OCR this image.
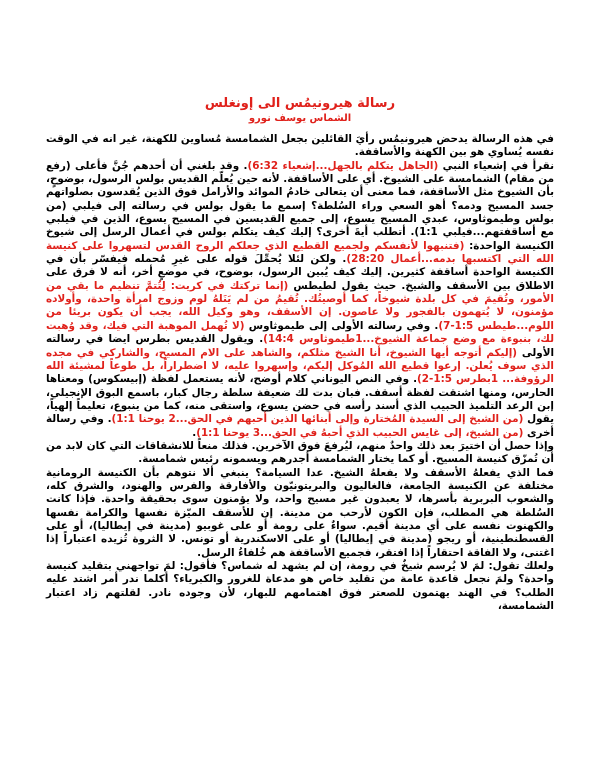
رسالة هيرونيمُس الى إونغلس
الشماس يوسف نورو

في هذه الرسالة يدحض هيرونيمُس رأيَ القائلين بجعل الشمامسة مُساوين للكهنة، غير انه في الوقت نفسه يُساوي هو بين الكهنة والأساقفة.

نقرأ في إشعياء النبي (الجاهل يتكلم بالجهل...إشعياء 6:32). وقد بلغني أن أحدهم جُنَّ فأعلى (رفع من مقام) الشمامسة على الشيوخ. أي على الأساقفة. لأنه حين يُعلّم القديس بولس الرسول، بوضوحٍ، بأن الشيوخ مثل الأساقفة، فما معنى أن يتعالى خادمُ الموائد والأرامل فوق الذين يُقدسون بصلواتهم جسد المسيح ودمه؟ أهو السعي وراء السُلطة؟ إسمع ما يقول بولس في رسالته إلى فيلبي (من بولس وطيموثاوس، عبدي المسيح يسوع، إلى جميع القديسين في المسيح يسوع، الذين في فيلبي مع أساقفتهم...فيلبي 1:1). أتطلب أيةَ أخرى؟ إليك كيف يتكلم بولس في أعمال الرسل إلى شيوخ الكنيسة الواحدة: (فتنبهوا لأنفسكم ولجميع القطيع الذي جعلكم الروح القدس لتسهروا على كنيسة الله التي اكتسبها بدمه...أعمال 28:20). ولكن لئلا يُحمِّلَ قوله على غيرِ مُحمله فيفسّر بأن في الكنيسة الواحدة أساقفة كثيرين. إليك كيف يُبين الرسول، بوضوح، في موضعٍ أخر، أنه لا فرق على الاطلاق بين الأسقف والشيخ. حيث يقول لطيطس (إنما تركتك في كريت: لِتُتمَّ تنظيم ما بقي من الأمور، وتُقيمَ في كل بلدة شيوخاً، كما أوصيتُك. تُقيمُ من لم يَنَلهُ لوم وزوج امرأة واحدة، وأولاده مؤمنون، لا يُتهمون بالفجور ولا عاصون. إن الأسقف، وهو وكيل الله، يجب أن يكون بريئا من اللوم...طيطس 1:5-7). وفي رسالته الأولى إلى طيموثاوس (لا تُهمل الموهبة التي فيك، وقد وُهبت لك، بنبوءة مع وضع جماعة الشيوخ...1طيموثاوس 14:4). ويقول القديس بطرس ايضا في رسالته الأولى (إليكم أتوجه أيها الشيوخ، أنا الشيخ مثلكم، والشاهد على الام المسيح، والشاركي في مجده الذي سوف يُعلن. إرعوا قطيع الله المُوكل إليكم، وإسهروا عليه، لا اضطراراً، بل طوعاً لمشيئة الله الرؤوفة... 1بطرس 1:5-2). وفي النص اليوناني كلام أوضح، لأنه يستعمل لفظة (إبيسكوس) ومعناها الحارس، ومنها اشتقت لفظة أسقف. فبان بدت لك ضعيفة سلطة رجال كبار، باسمع البوق الإنجيلي، إبن الرعد التلميذ الحبيب الذي أسند رأسه في حضن يسوع، واستقى منه، كما من ينبوع، تعليماً إلهياً، يقول (من الشيخ إلى السيدة المُختارة وإلى أبنائها الذين أحبهم في الحق...2 يوحنا 1:1). وفي رسالة أخرى (من الشيخ، إلى غايس الحبيب الذي أحبهُ في الحق...3 يوحنا 1:1).

وإذا حصل أن اختيرَ بعد ذلك واحدٌ منهم، ليُرفعَ فوق الآخرين. فذلك منعاً للانشقاقات التي كان لابد من أن تُمزّق كنيسة المسيح. أو كما يختار الشمامسة أجدرهم ويسمونه رئيس شمامسة.

فما الذي يفعلهُ الأسقف ولا يفعلهُ الشيخ. عدا السيامة؟ ينبغي ألا نتوهم بأن الكنيسة الرومانية مختلفة عن الكنيسة الجامعة، فالغاليون والبريتونيّون والأفارقة والفرس والهنود، والشرق كله، والشعوب البربرية بأسرها، لا يعبدون غير مسيح واحد، ولا يؤمنون سوى بحقيقة واحدة. فإذا كانت السُلطة هي المطلب، فإن الكون لأرحب من مدينة. إن للأسقف الميّزة نفسها والكرامة نفسها والكهنوت نفسه على أي مدينة أقيم. سواءٌ على رومة أو على غوبيو (مدينة في إيطاليا)، أو على القسطنطينية، أو ريجو (مدينة في إيطاليا) أو على الاسكندرية أو تونس. لا الثروة تُزيده اعتباراً إذا اغتنى، ولا الفاقة احتقاراً إذا افتقر، فجميع الأساقفة هم خُلفاءُ الرسل.

ولعلك تقول: لمَ لا يُرسم شيخٌ في رومة، إن لم يشهد له شماس؟ فأقول: لمَ تواجهني بتقليد كنيسة واحدة؟ ولمَ نجعل قاعدة عامة من تقليد خاص هو مدعاة للغرور والكبرياء؟ أكلما ندر أمر اشتد عليه الطلب؟ في الهند يهتمون للصعتر فوق اهتمامهم للبهار، لأن وجوده نادر. لقلتهم زاد اعتبار الشمامسة،
